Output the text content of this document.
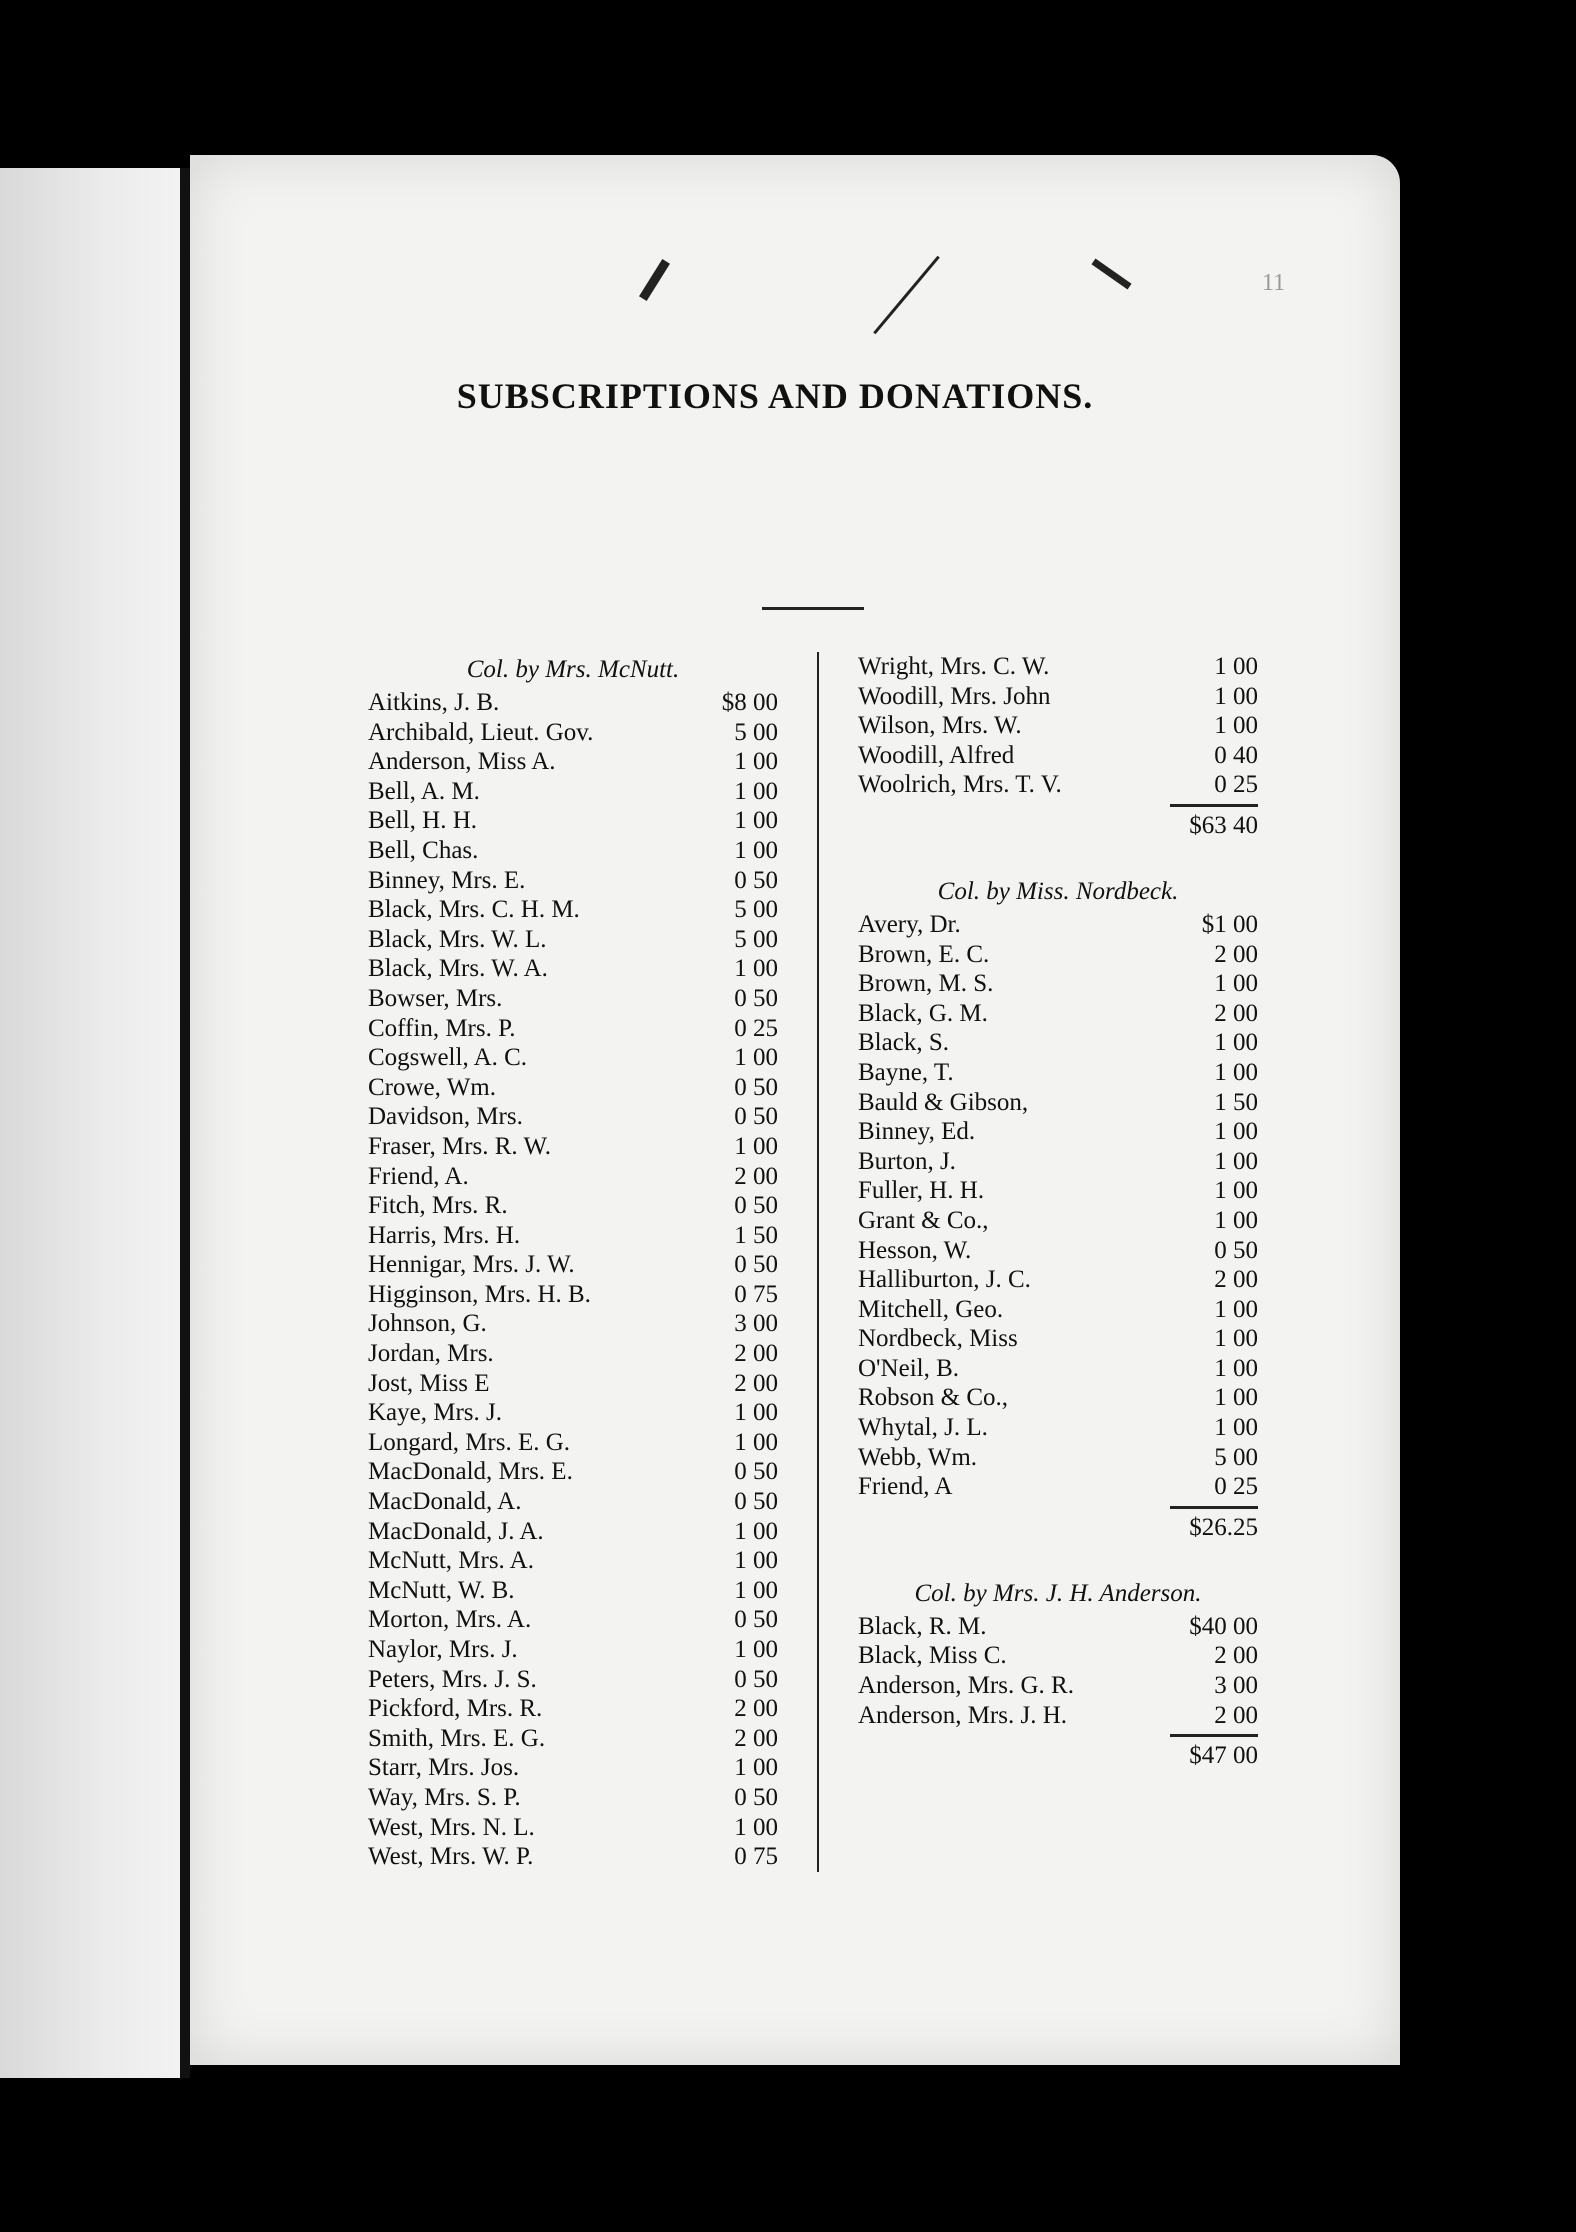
11
SUBSCRIPTIONS AND DONATIONS.
Col. by Mrs. McNutt.
Aitkins, J. B.	$8 00
Archibald, Lieut. Gov.	5 00
Anderson, Miss A.	1 00
Bell, A. M.	1 00
Bell, H. H.	1 00
Bell, Chas.	1 00
Binney, Mrs. E.	0 50
Black, Mrs. C. H. M.	5 00
Black, Mrs. W. L.	5 00
Black, Mrs. W. A.	1 00
Bowser, Mrs.	0 50
Coffin, Mrs. P.	0 25
Cogswell, A. C.	1 00
Crowe, Wm.	0 50
Davidson, Mrs.	0 50
Fraser, Mrs. R. W.	1 00
Friend, A.	2 00
Fitch, Mrs. R.	0 50
Harris, Mrs. H.	1 50
Hennigar, Mrs. J. W.	0 50
Higginson, Mrs. H. B.	0 75
Johnson, G.	3 00
Jordan, Mrs.	2 00
Jost, Miss E	2 00
Kaye, Mrs. J.	1 00
Longard, Mrs. E. G.	1 00
MacDonald, Mrs. E.	0 50
MacDonald, A.	0 50
MacDonald, J. A.	1 00
McNutt, Mrs. A.	1 00
McNutt, W. B.	1 00
Morton, Mrs. A.	0 50
Naylor, Mrs. J.	1 00
Peters, Mrs. J. S.	0 50
Pickford, Mrs. R.	2 00
Smith, Mrs. E. G.	2 00
Starr, Mrs. Jos.	1 00
Way, Mrs. S. P.	0 50
West, Mrs. N. L.	1 00
West, Mrs. W. P.	0 75
Wright, Mrs. C. W.	1 00
Woodill, Mrs. John	1 00
Wilson, Mrs. W.	1 00
Woodill, Alfred	0 40
Woolrich, Mrs. T. V.	0 25
$63 40
Col. by Miss. Nordbeck.
Avery, Dr.	$1 00
Brown, E. C.	2 00
Brown, M. S.	1 00
Black, G. M.	2 00
Black, S.	1 00
Bayne, T.	1 00
Bauld & Gibson,	1 50
Binney, Ed.	1 00
Burton, J.	1 00
Fuller, H. H.	1 00
Grant & Co.,	1 00
Hesson, W.	0 50
Halliburton, J. C.	2 00
Mitchell, Geo.	1 00
Nordbeck, Miss	1 00
O'Neil, B.	1 00
Robson & Co.,	1 00
Whytal, J. L.	1 00
Webb, Wm.	5 00
Friend, A	0 25
$26.25
Col. by Mrs. J. H. Anderson.
Black, R. M.	$40 00
Black, Miss C.	2 00
Anderson, Mrs. G. R.	3 00
Anderson, Mrs. J. H.	2 00
$47 00
